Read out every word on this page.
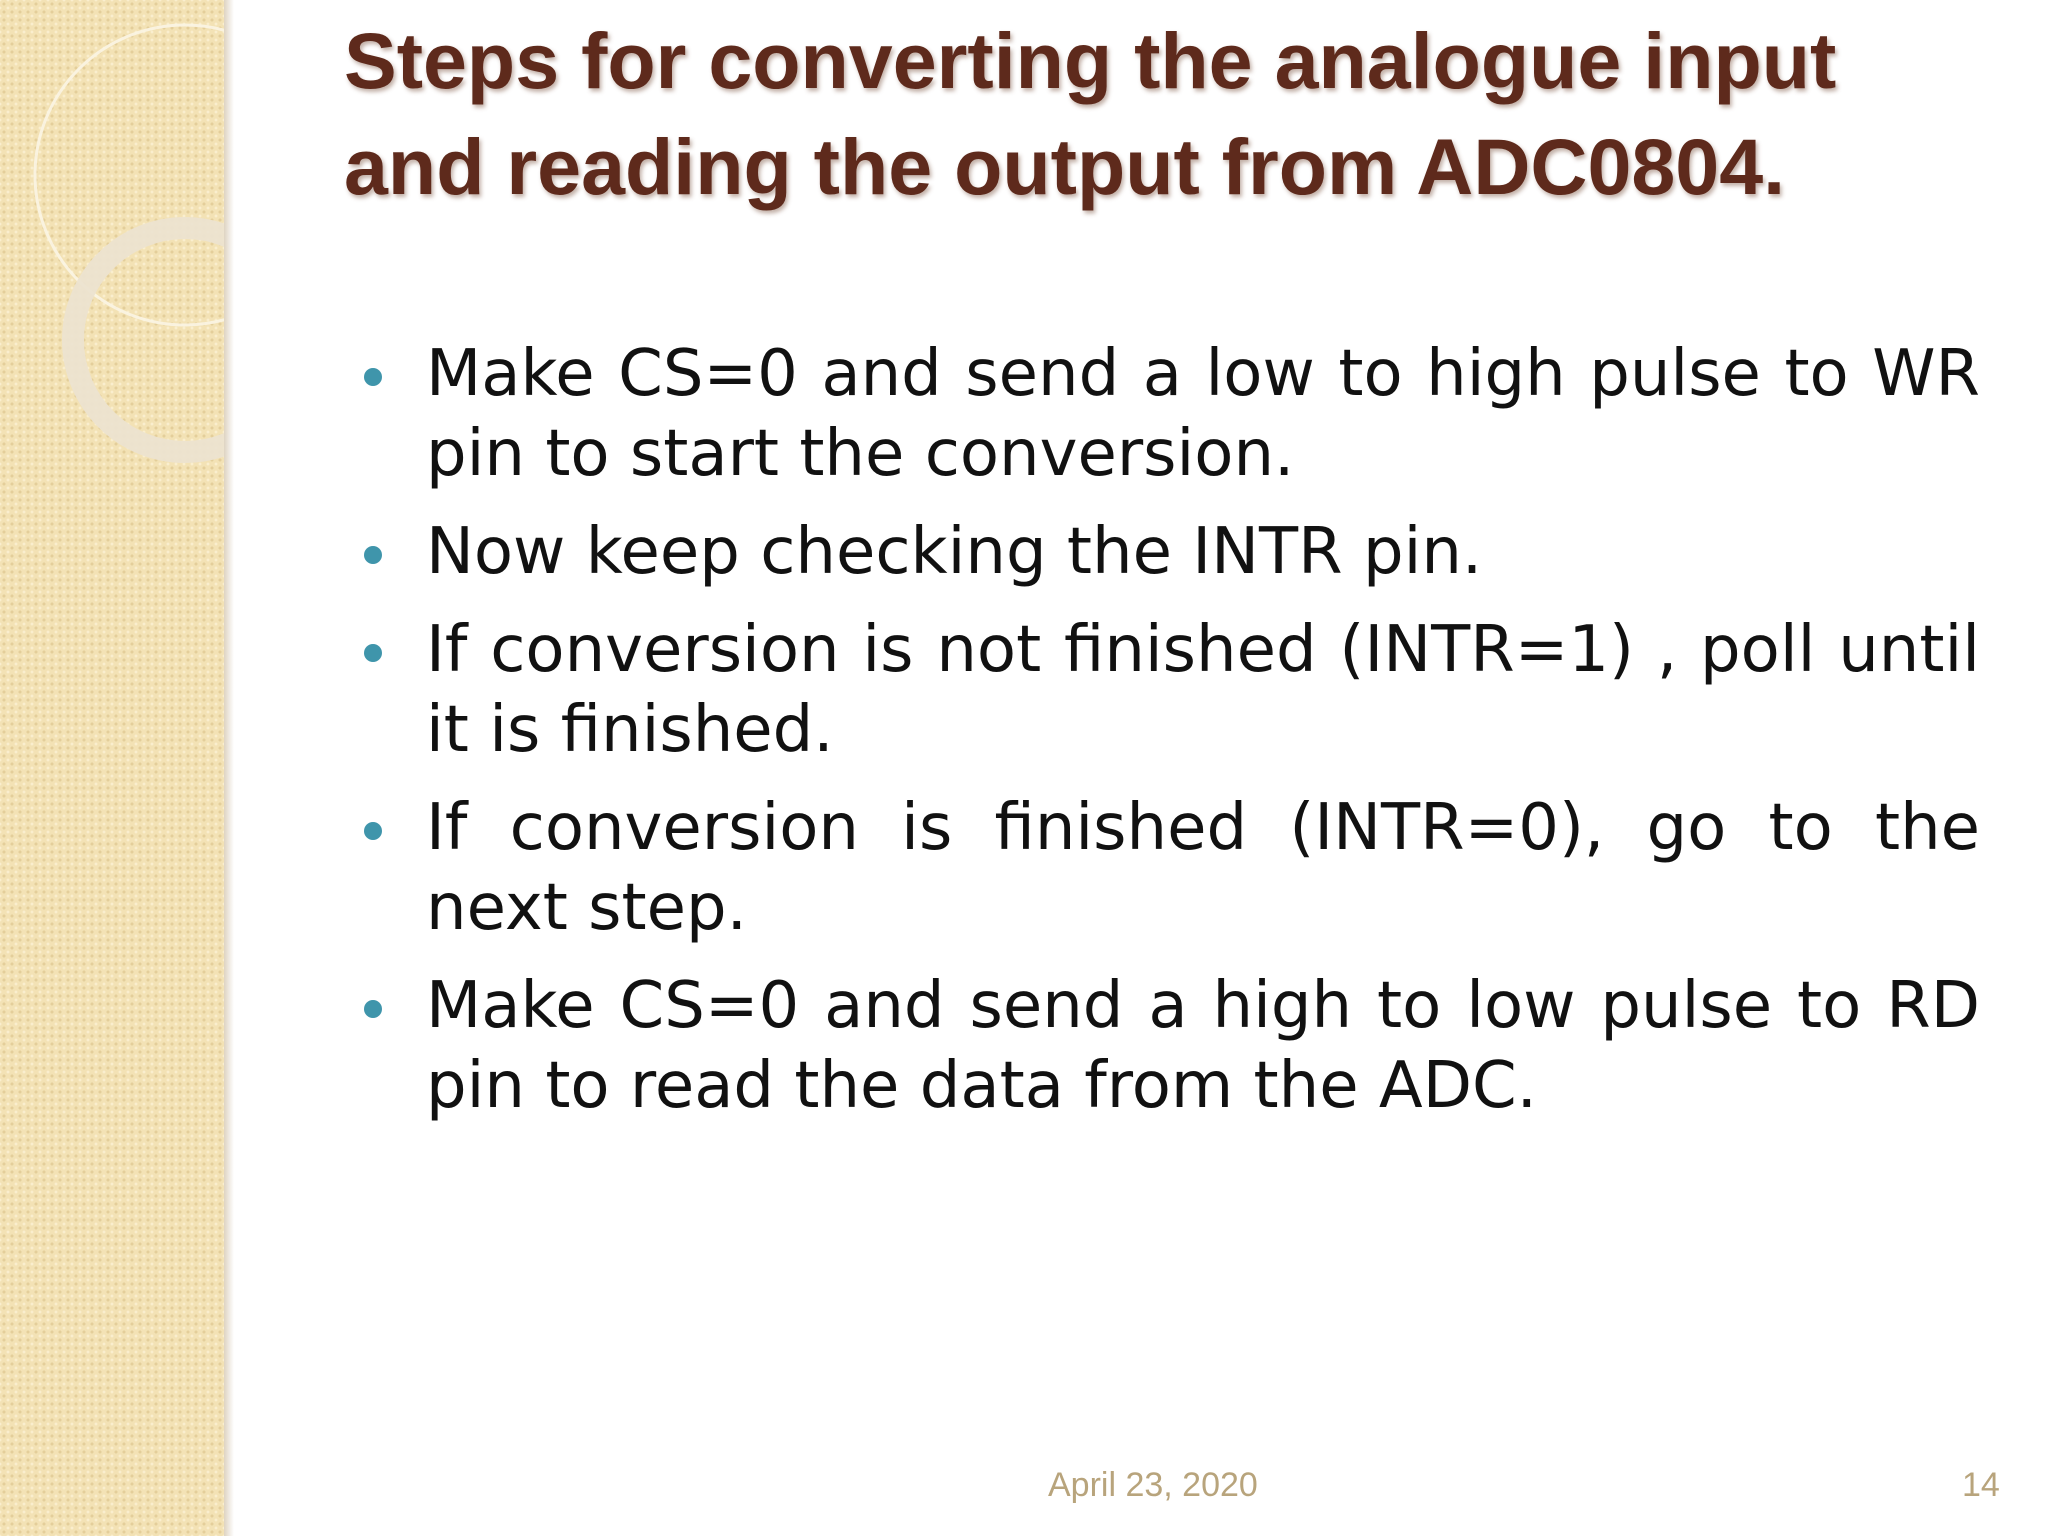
Steps for converting the analogue input and reading the output from ADC0804.
Make CS=0 and send a low to high pulse to WR pin to start the conversion.
Now keep checking the INTR pin.
If conversion is not finished (INTR=1) , poll until it is finished.
If conversion is finished (INTR=0), go to the next step.
Make CS=0 and send a high to low pulse to RD pin to read the data from the ADC.
April 23, 2020	14
